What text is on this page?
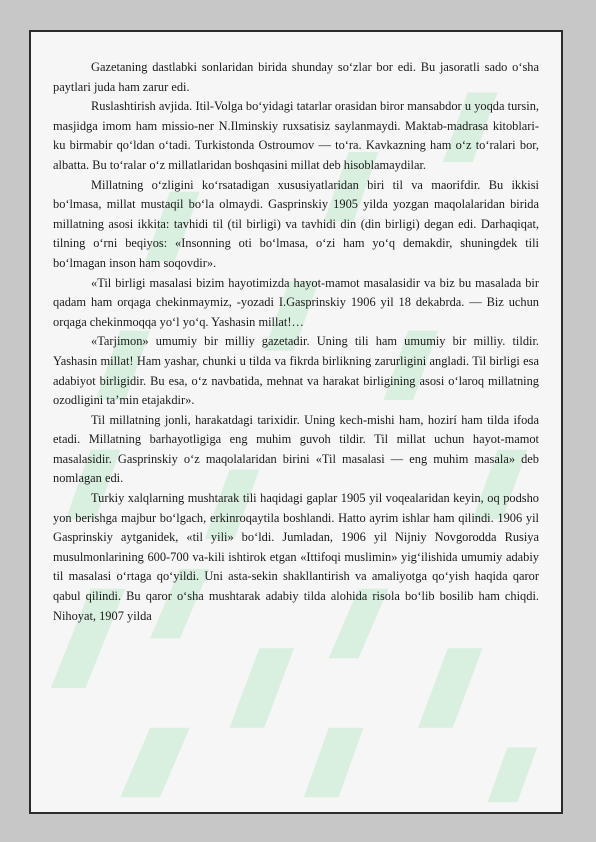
Gazetaning dastlabki sonlaridan birida shunday so‘zlar bor edi. Bu jasoratli sado o‘sha paytlari juda ham zarur edi.

Ruslashtirish avjida. Itil-Volga bo‘yidagi tatarlar orasidan biror mansabdor u yoqda tursin, masjidga imom ham missio-ner N.Ilminskiy ruxsatisiz saylanmaydi. Maktab-madrasa kitoblari-ku birmabir qo‘ldan o‘tadi. Turkistonda Ostroumov — to‘ra. Kavkazning ham o‘z to‘ralari bor, albatta. Bu to‘ralar o‘z millatlaridan boshqasini millat deb hisoblamaydilar.

Millatning o‘zligini ko‘rsatadigan xususiyatlaridan biri til va maorifdir. Bu ikkisi bo‘lmasa, millat mustaqil bo‘la olmaydi. Gasprinskiy 1905 yilda yozgan maqolalaridan birida millatning asosi ikkita: tavhidi til (til birligi) va tavhidi din (din birligi) degan edi. Darhaqiqat, tilning o‘rni beqiyos: «Insonning oti bo‘lmasa, o‘zi ham yo‘q demakdir, shuningdek tili bo‘lmagan inson ham soqovdir».

«Til birligi masalasi bizim hayotimizda hayot-mamot masalasidir va biz bu masalada bir qadam ham orqaga chekinmaymiz, -yozadi I.Gasprinskiy 1906 yil 18 dekabrda. — Biz uchun orqaga chekinmoqqa yo‘l yo‘q. Yashasin millat!…

«Tarjimon» umumiy bir milliy gazetadir. Uning tili ham umumiy bir milliy. tildir. Yashasin millat! Ham yashar, chunki u tilda va fikrda birlikning zarurligini angladi. Til birligi esa adabiyot birligidir. Bu esa, o‘z navbatida, mehnat va harakat birligining asosi o‘laroq millatning ozodligini ta’min etajakdir».

Til millatning jonli, harakatdagi tarixidir. Uning kech-mishi ham, hozirí ham tilda ifoda etadi. Millatning barhayotligiga eng muhim guvoh tildir. Til millat uchun hayot-mamot masalasidir. Gasprinskiy o‘z maqolalaridan birini «Til masalasi — eng muhim masala» deb nomlagan edi.

Turkiy xalqlarning mushtarak tili haqidagi gaplar 1905 yil voqealaridan keyin, oq podsho yon berishga majbur bo‘lgach, erkinroqaytila boshlandi. Hatto ayrim ishlar ham qilindi. 1906 yil Gasprinskiy aytganidek, «til yili» bo‘ldi. Jumladan, 1906 yil Nijniy Novgorodda Rusiya musulmonlarining 600-700 va-kili ishtirok etgan «Ittifoqi muslimin» yig‘ilishida umumiy adabiy til masalasi o‘rtaga qo‘yildi. Uni asta-sekin shakllantirish va amaliyotga qo‘yish haqida qaror qabul qilindi. Bu qaror o‘sha mushtarak adabiy tilda alohida risola bo‘lib bosilib ham chiqdi. Nihoyat, 1907 yilda
